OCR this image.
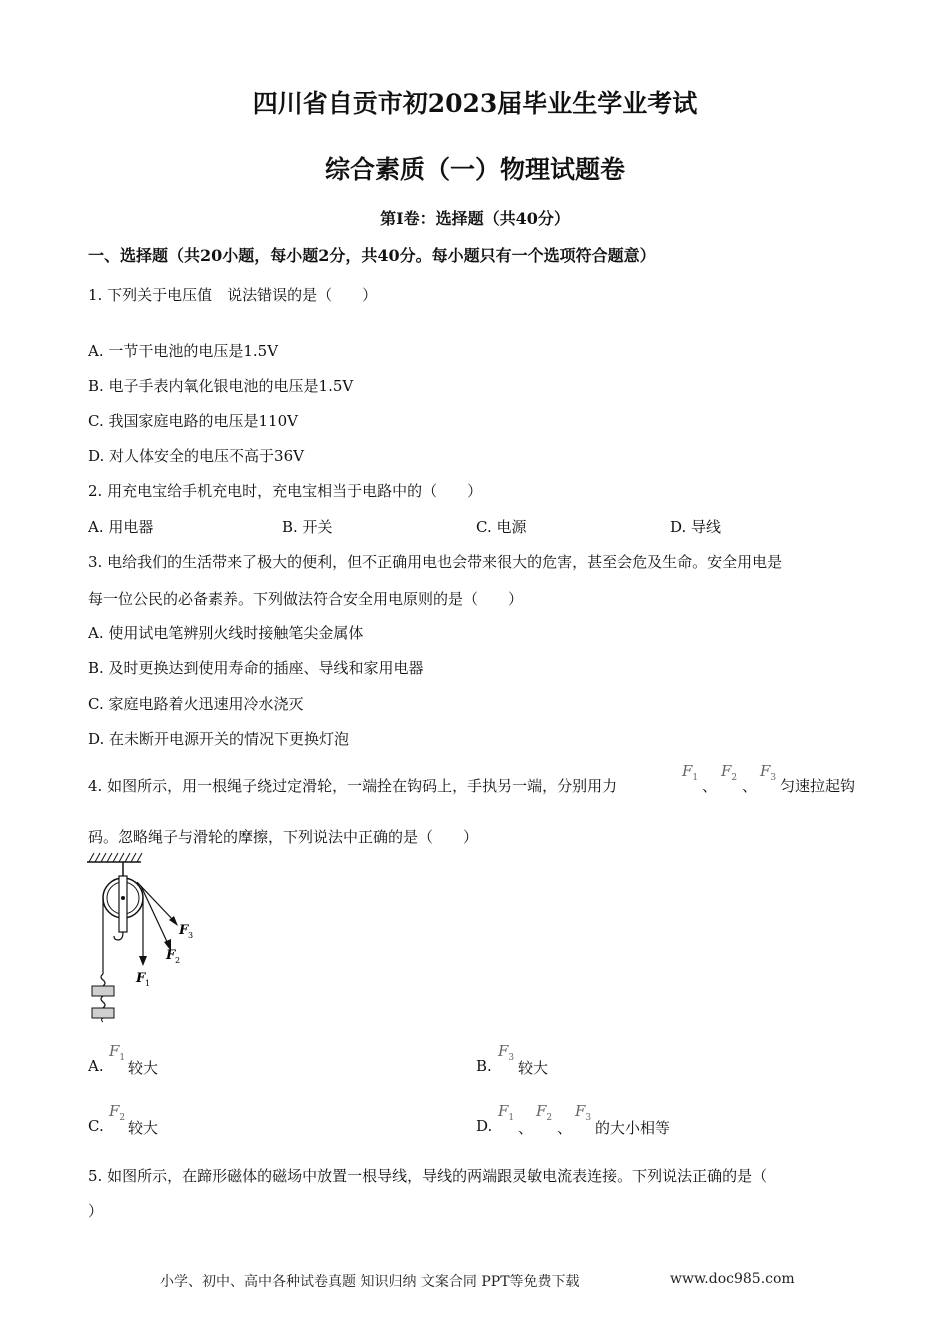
四川省自贡市初2023届毕业生学业考试
综合素质（一）物理试题卷
第I卷：选择题（共40分）
一、选择题（共20小题，每小题2分，共40分。每小题只有一个选项符合题意）
1. 下列关于电压值　说法错误的是（　　）
A. 一节干电池的电压是1.5V
B. 电子手表内氧化银电池的电压是1.5V
C. 我国家庭电路的电压是110V
D. 对人体安全的电压不高于36V
2. 用充电宝给手机充电时，充电宝相当于电路中的（　　）
A. 用电器	B. 开关	C. 电源	D. 导线
3. 电给我们的生活带来了极大的便利，但不正确用电也会带来很大的危害，甚至会危及生命。安全用电是
每一位公民的必备素养。下列做法符合安全用电原则的是（　　）
A. 使用试电笔辨别火线时接触笔尖金属体
B. 及时更换达到使用寿命的插座、导线和家用电器
C. 家庭电路着火迅速用冷水浇灭
D. 在未断开电源开关的情况下更换灯泡
4. 如图所示，用一根绳子绕过定滑轮，一端拴在钩码上，手执另一端，分别用力
$F_1$ 、
$F_2$ 、
$F_3$ 匀速拉起钩
码。忽略绳子与滑轮的摩擦，下列说法中正确的是（　　）
F 1
F 2
F 3
A.
$F_1$
较大	B.
$F_3$
较大
C.
$F_2$
较大	D.
$F_1$
、
$F_2$
、
$F_3$
的大小相等
5. 如图所示，在蹄形磁体的磁场中放置一根导线，导线的两端跟灵敏电流表连接。下列说法正确的是（
）
小学、初中、高中各种试卷真题 知识归纳 文案合同 PPT等免费下载	www.doc985.com
